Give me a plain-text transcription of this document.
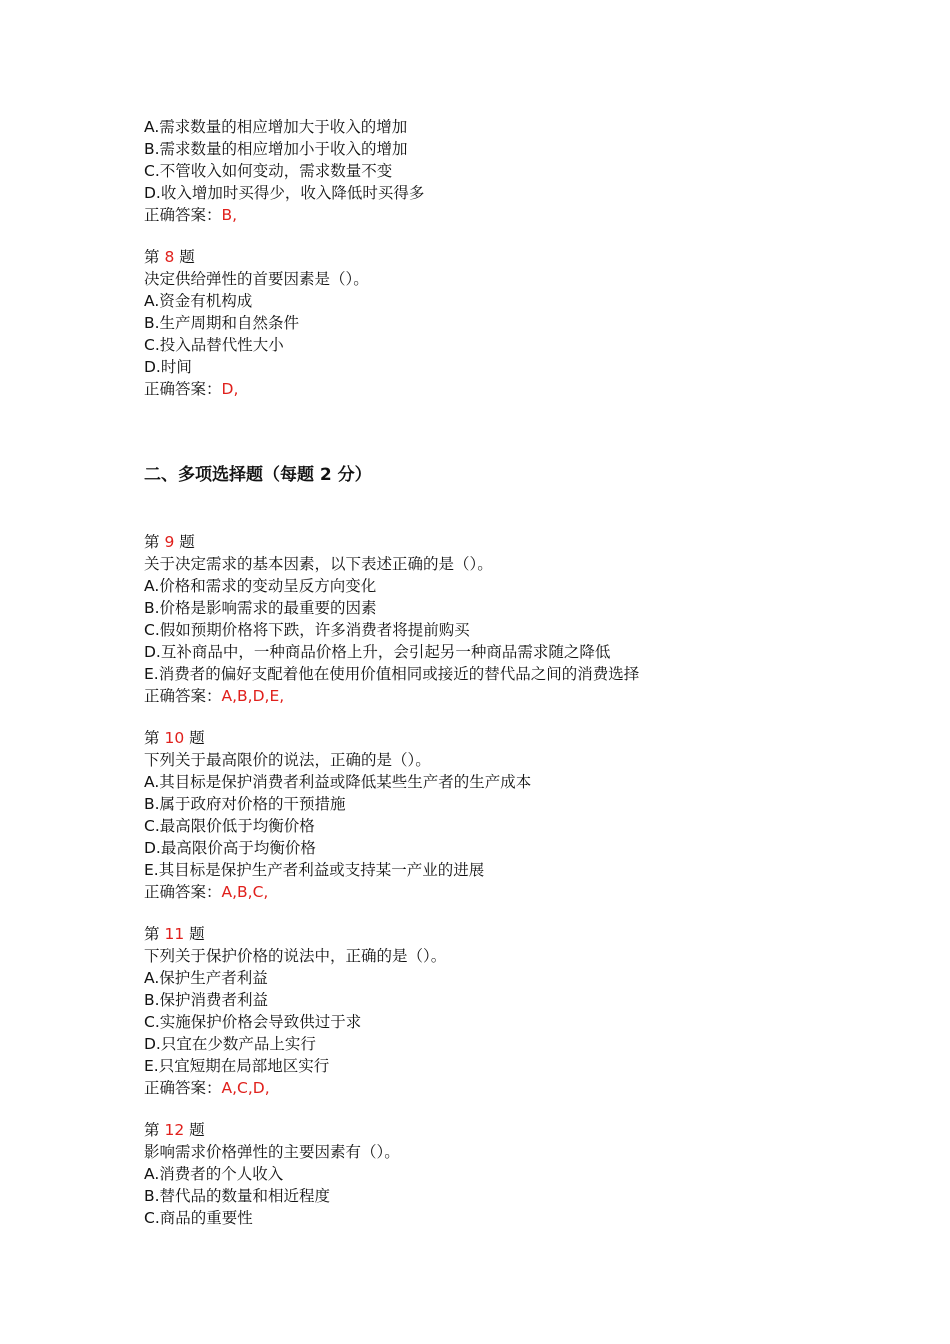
A.需求数量的相应增加大于收入的增加
B.需求数量的相应增加小于收入的增加
C.不管收入如何变动，需求数量不变
D.收入增加时买得少，收入降低时买得多
正确答案：B,
第 8 题
决定供给弹性的首要因素是（）。
A.资金有机构成
B.生产周期和自然条件
C.投入品替代性大小
D.时间
正确答案：D,
二、多项选择题（每题 2 分）
第 9 题
关于决定需求的基本因素，以下表述正确的是（）。
A.价格和需求的变动呈反方向变化
B.价格是影响需求的最重要的因素
C.假如预期价格将下跌，许多消费者将提前购买
D.互补商品中，一种商品价格上升，会引起另一种商品需求随之降低
E.消费者的偏好支配着他在使用价值相同或接近的替代品之间的消费选择
正确答案：A,B,D,E,
第 10 题
下列关于最高限价的说法，正确的是（）。
A.其目标是保护消费者利益或降低某些生产者的生产成本
B.属于政府对价格的干预措施
C.最高限价低于均衡价格
D.最高限价高于均衡价格
E.其目标是保护生产者利益或支持某一产业的进展
正确答案：A,B,C,
第 11 题
下列关于保护价格的说法中，正确的是（）。
A.保护生产者利益
B.保护消费者利益
C.实施保护价格会导致供过于求
D.只宜在少数产品上实行
E.只宜短期在局部地区实行
正确答案：A,C,D,
第 12 题
影响需求价格弹性的主要因素有（）。
A.消费者的个人收入
B.替代品的数量和相近程度
C.商品的重要性
